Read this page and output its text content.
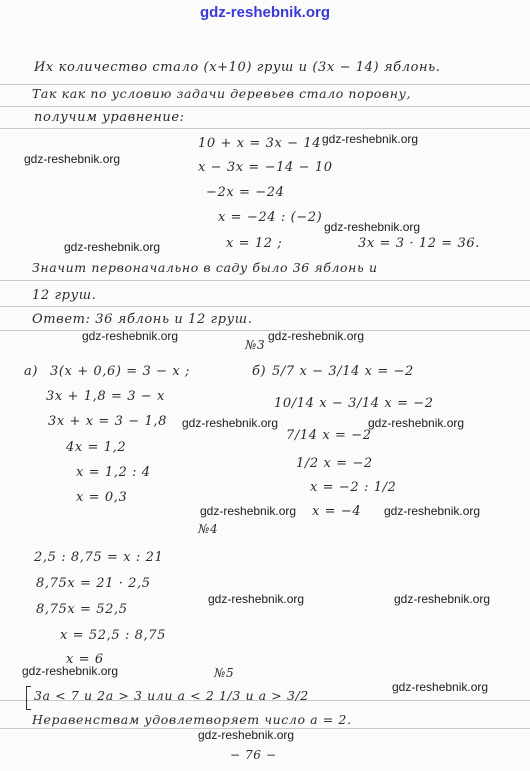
gdz-reshebnik.org
Их количество стало (x+10) груш и (3x − 14) яблонь.
Так как по условию задачи деревьев стало поровну,
получим уравнение:
10 + x = 3x − 14
x − 3x = −14 − 10
−2x = −24
x = −24 : (−2)
x = 12 ;	3x = 3 · 12 = 36.
Значит первоначально в саду было 36 яблонь и
12 груш.
Ответ: 36 яблонь и 12 груш.
№3
а) 3(x + 0,6) = 3 − x ;
3x + 1,8 = 3 − x
3x + x = 3 − 1,8
4x = 1,2
x = 1,2 : 4
x = 0,3
б) 5/7 x − 3/14 x = −2
10/14 x − 3/14 x = −2
7/14 x = −2
1/2 x = −2
x = −2 : 1/2
x = −4
№4
2,5 : 8,75 = x : 21
8,75x = 21 · 2,5
8,75x = 52,5
x = 52,5 : 8,75
x = 6
№5
3a < 7 и 2a > 3 или a < 2 1/3 и a > 3/2
Неравенствам удовлетворяет число a = 2.
− 76 −
gdz-reshebnik.org
gdz-reshebnik.org
gdz-reshebnik.org
gdz-reshebnik.org
gdz-reshebnik.org	gdz-reshebnik.org
gdz-reshebnik.org	gdz-reshebnik.org
gdz-reshebnik.org	gdz-reshebnik.org
gdz-reshebnik.org	gdz-reshebnik.org
gdz-reshebnik.org
gdz-reshebnik.org
gdz-reshebnik.org
